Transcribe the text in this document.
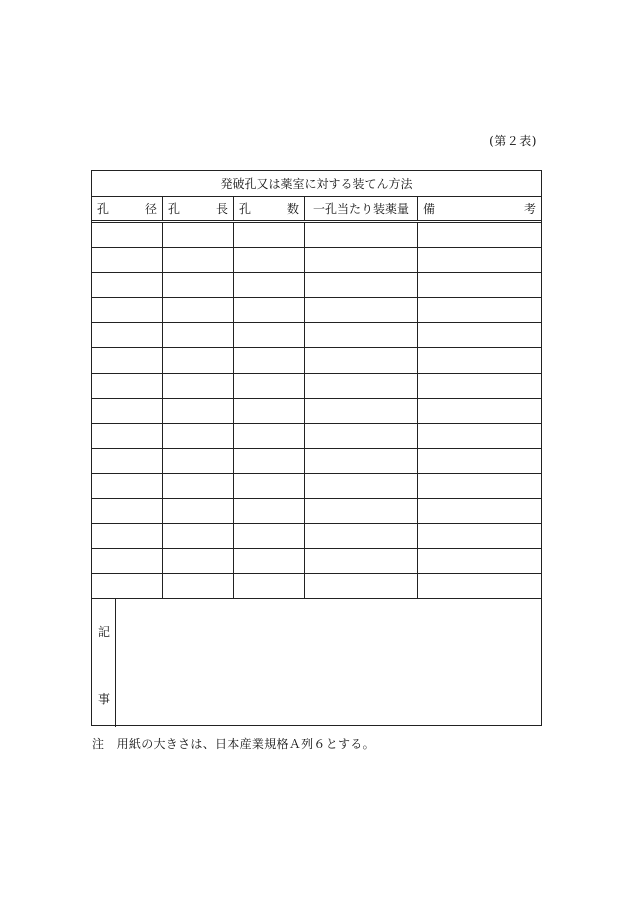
(第２表)
発破孔又は薬室に対する装てん方法
孔	径 孔	長 孔	数 一孔当たり装薬量 備	考
記
事
注　用紙の大きさは、日本産業規格Ａ列６とする。
